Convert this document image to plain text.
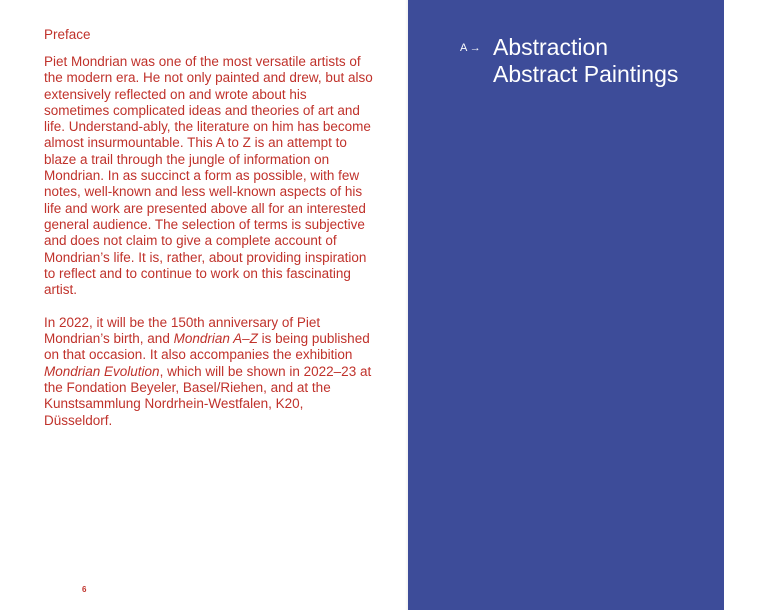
Preface

Piet Mondrian was one of the most versatile artists of the modern era. He not only painted and drew, but also extensively reflected on and wrote about his sometimes complicated ideas and theories of art and life. Understand-ably, the literature on him has become almost insurmountable. This A to Z is an attempt to blaze a trail through the jungle of information on Mondrian. In as succinct a form as possible, with few notes, well-known and less well-known aspects of his life and work are presented above all for an interested general audience. The selection of terms is subjective and does not claim to give a complete account of Mondrian’s life. It is, rather, about providing inspiration to reflect and to continue to work on this fascinating artist.

In 2022, it will be the 150th anniversary of Piet Mondrian’s birth, and Mondrian A–Z is being published on that occasion. It also accompanies the exhibition Mondrian Evolution, which will be shown in 2022–23 at the Fondation Beyeler, Basel/Riehen, and at the Kunstsammlung Nordrhein-Westfalen, K20, Düsseldorf.

6
A → Abstraction
Abstract Paintings
